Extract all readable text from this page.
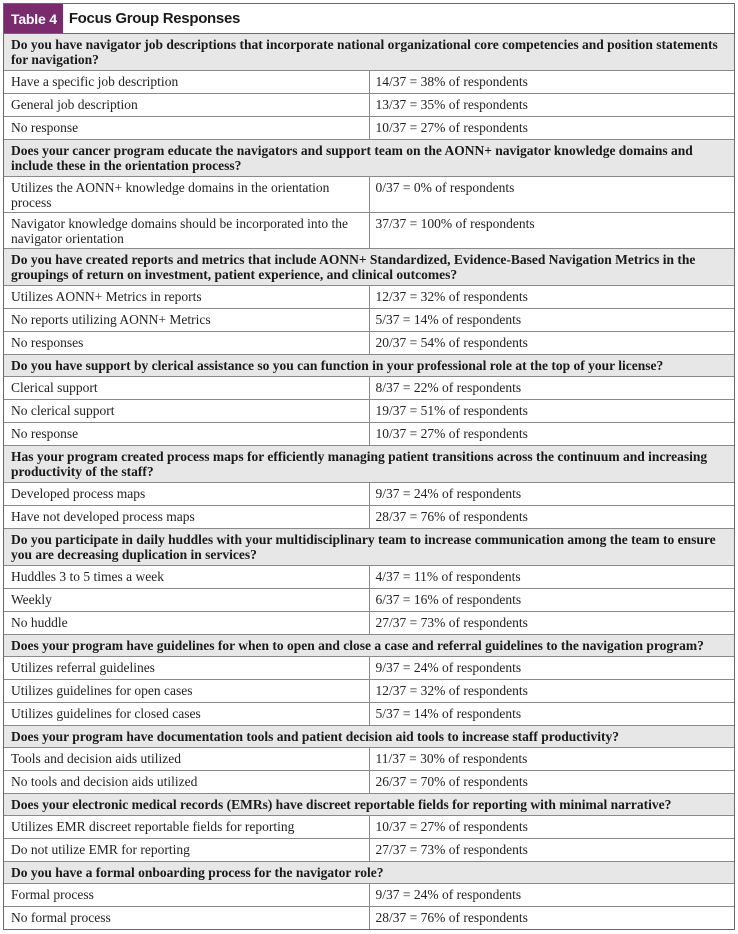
Table 4 Focus Group Responses
Do you have navigator job descriptions that incorporate national organizational core competencies and position statements for navigation?	
Have a specific job description	14/37 = 38% of respondents
General job description	13/37 = 35% of respondents
No response	10/37 = 27% of respondents
Does your cancer program educate the navigators and support team on the AONN+ navigator knowledge domains and include these in the orientation process?	
Utilizes the AONN+ knowledge domains in the orientation process	0/37 = 0% of respondents
Navigator knowledge domains should be incorporated into the navigator orientation	37/37 = 100% of respondents
Do you have created reports and metrics that include AONN+ Standardized, Evidence-Based Navigation Metrics in the groupings of return on investment, patient experience, and clinical outcomes?	
Utilizes AONN+ Metrics in reports	12/37 = 32% of respondents
No reports utilizing AONN+ Metrics	5/37 = 14% of respondents
No responses	20/37 = 54% of respondents
Do you have support by clerical assistance so you can function in your professional role at the top of your license?	
Clerical support	8/37 = 22% of respondents
No clerical support	19/37 = 51% of respondents
No response	10/37 = 27% of respondents
Has your program created process maps for efficiently managing patient transitions across the continuum and increasing productivity of the staff?	
Developed process maps	9/37 = 24% of respondents
Have not developed process maps	28/37 = 76% of respondents
Do you participate in daily huddles with your multidisciplinary team to increase communication among the team to ensure you are decreasing duplication in services?	
Huddles 3 to 5 times a week	4/37 = 11% of respondents
Weekly	6/37 = 16% of respondents
No huddle	27/37 = 73% of respondents
Does your program have guidelines for when to open and close a case and referral guidelines to the navigation program?	
Utilizes referral guidelines	9/37 = 24% of respondents
Utilizes guidelines for open cases	12/37 = 32% of respondents
Utilizes guidelines for closed cases	5/37 = 14% of respondents
Does your program have documentation tools and patient decision aid tools to increase staff productivity?	
Tools and decision aids utilized	11/37 = 30% of respondents
No tools and decision aids utilized	26/37 = 70% of respondents
Does your electronic medical records (EMRs) have discreet reportable fields for reporting with minimal narrative?	
Utilizes EMR discreet reportable fields for reporting	10/37 = 27% of respondents
Do not utilize EMR for reporting	27/37 = 73% of respondents
Do you have a formal onboarding process for the navigator role?	
Formal process	9/37 = 24% of respondents
No formal process	28/37 = 76% of respondents
